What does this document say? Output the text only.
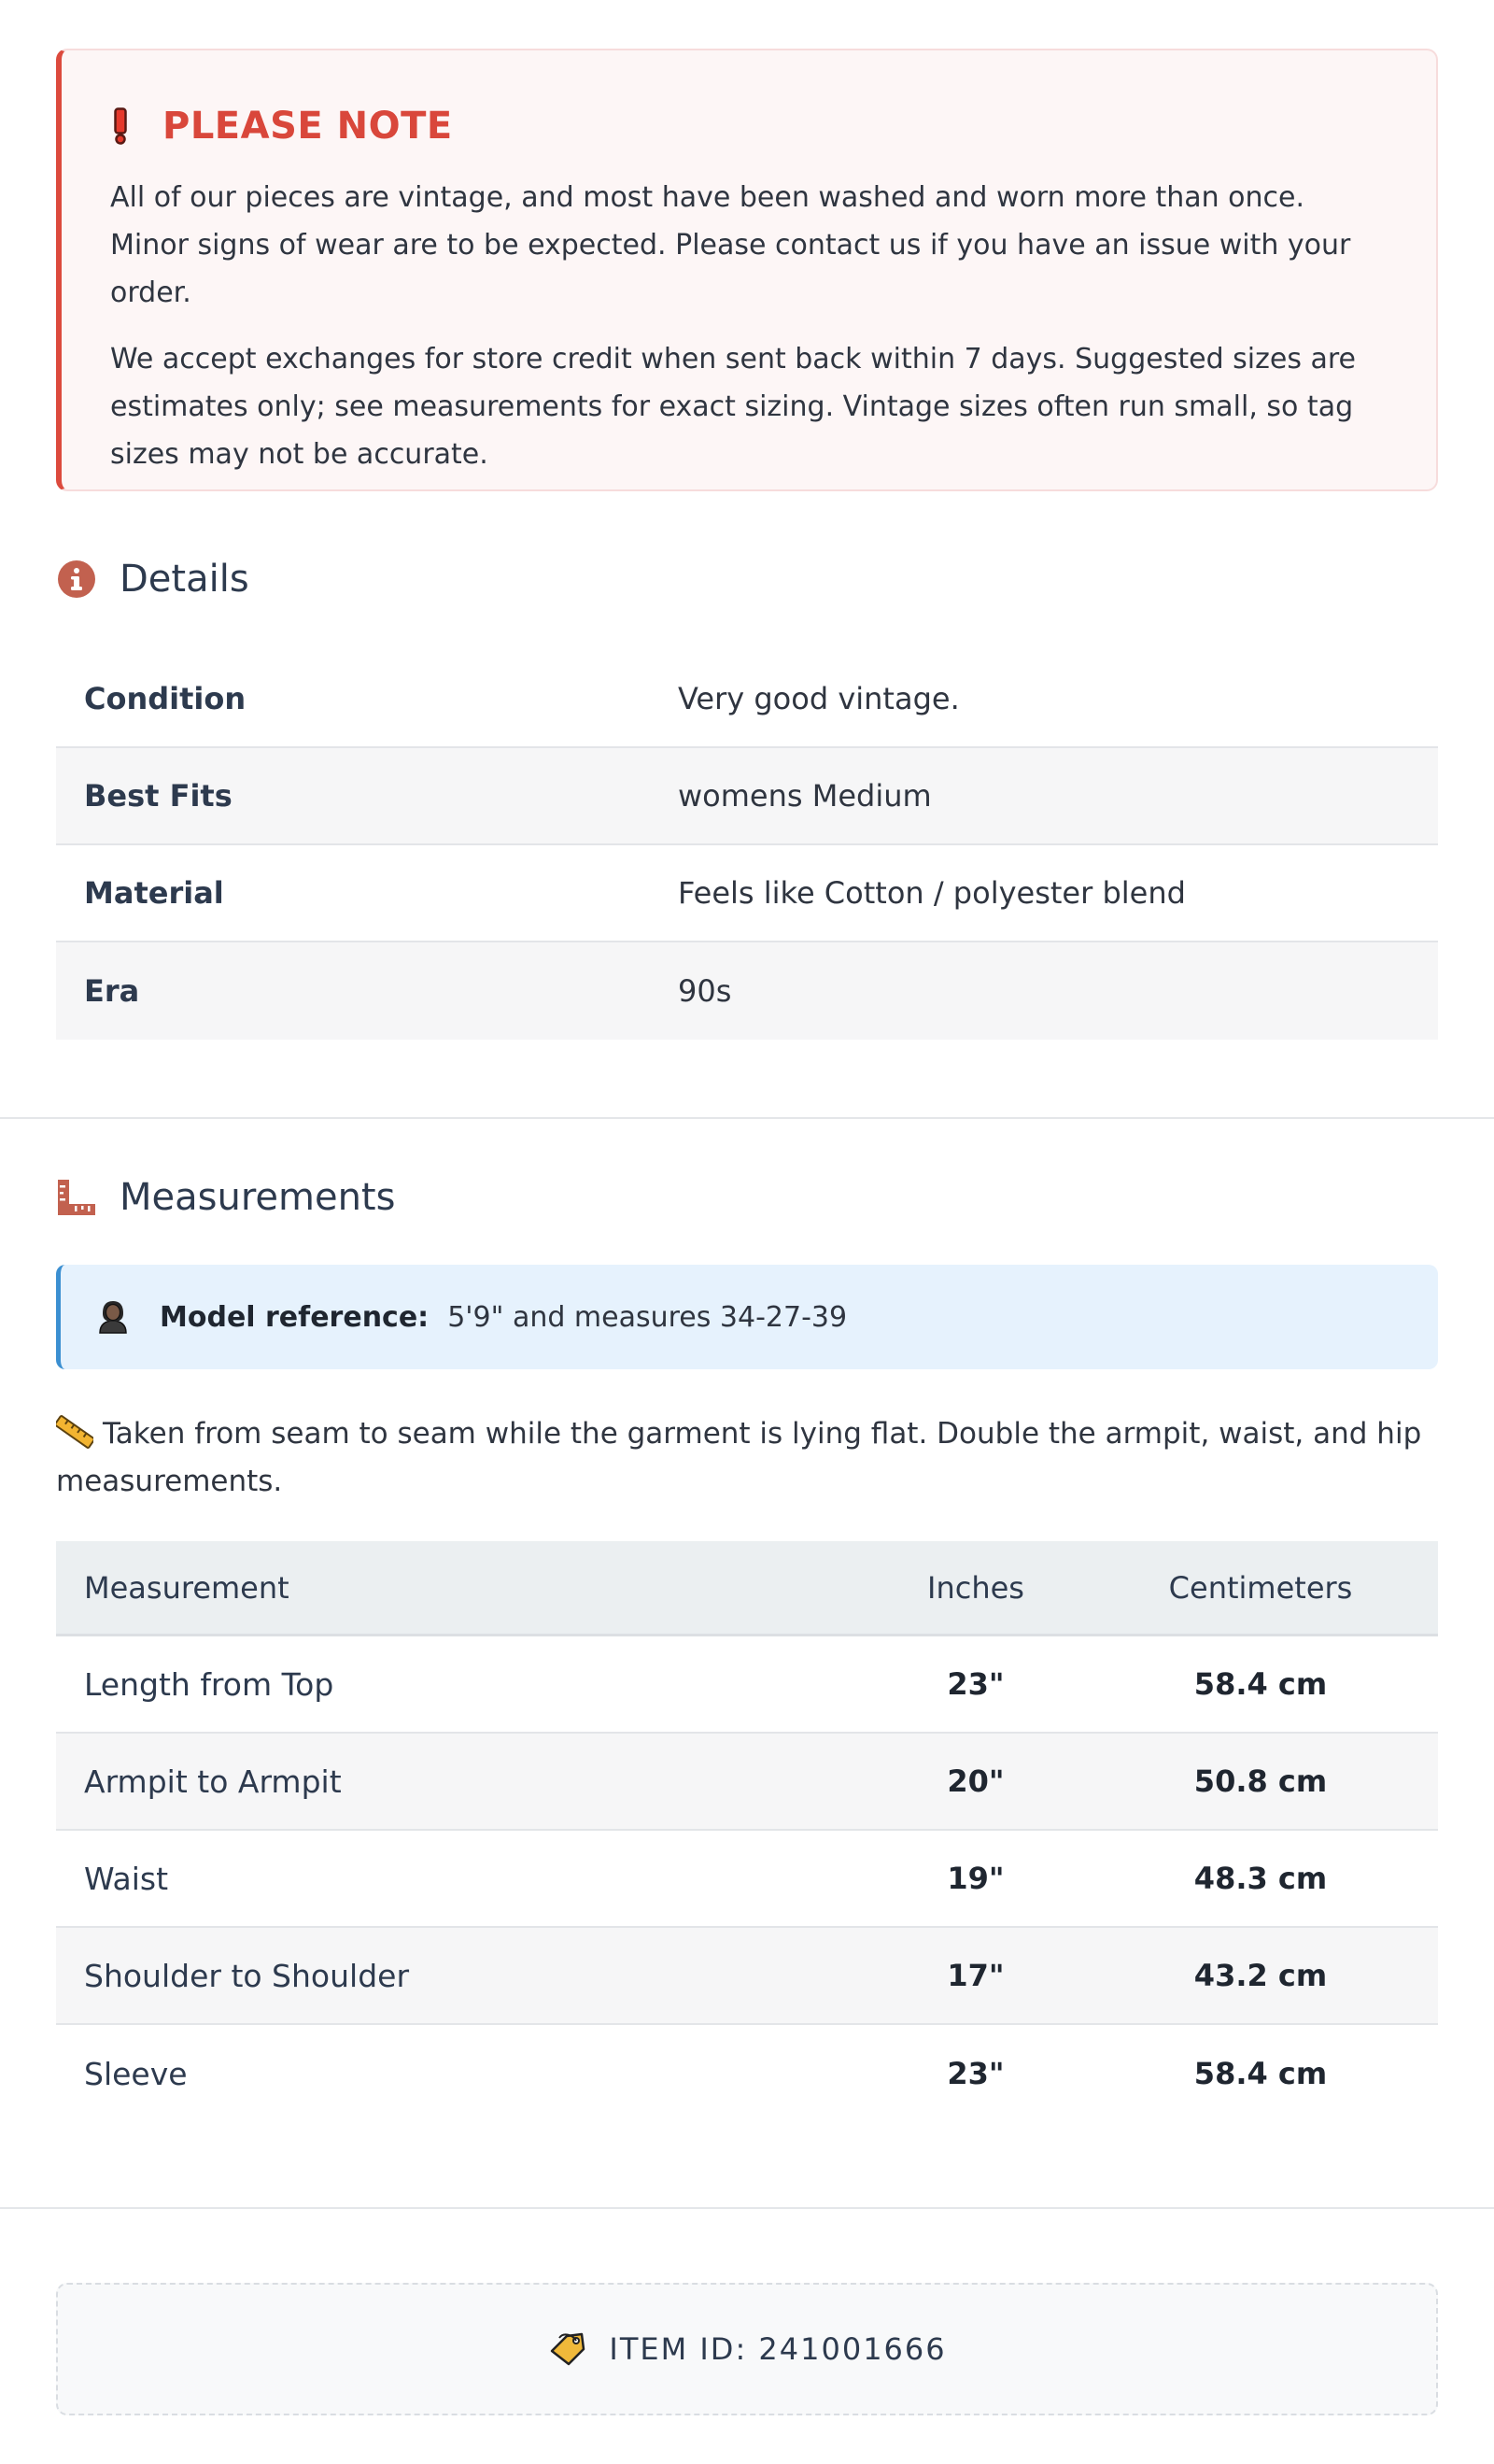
PLEASE NOTE

All of our pieces are vintage, and most have been washed and worn more than once. Minor signs of wear are to be expected. Please contact us if you have an issue with your order.

We accept exchanges for store credit when sent back within 7 days. Suggested sizes are estimates only; see measurements for exact sizing. Vintage sizes often run small, so tag sizes may not be accurate.

Details
Condition	Very good vintage.
Best Fits	womens Medium
Material	Feels like Cotton / polyester blend
Era	90s
Measurements
Model reference: 5'9" and measures 34-27-39
Taken from seam to seam while the garment is lying flat. Double the armpit, waist, and hip measurements.
Measurement	Inches	Centimeters
Length from Top	23"	58.4 cm
Armpit to Armpit	20"	50.8 cm
Waist	19"	48.3 cm
Shoulder to Shoulder	17"	43.2 cm
Sleeve	23"	58.4 cm
ITEM ID: 241001666
